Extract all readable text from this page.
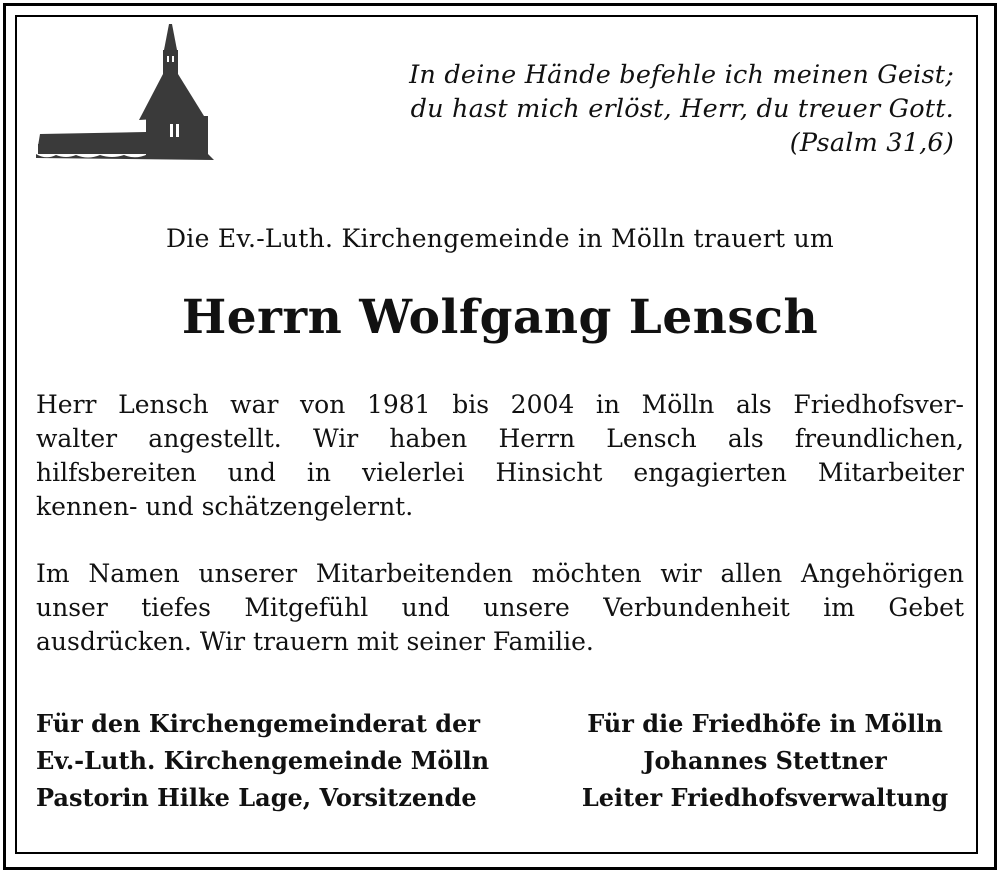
In deine Hände befehle ich meinen Geist;
du hast mich erlöst, Herr, du treuer Gott.
(Psalm 31,6)
Die Ev.-Luth. Kirchengemeinde in Mölln trauert um
Herrn Wolfgang Lensch
Herr Lensch war von 1981 bis 2004 in Mölln als Friedhofsver-
walter angestellt. Wir haben Herrn Lensch als freundlichen,
hilfsbereiten und in vielerlei Hinsicht engagierten Mitarbeiter
kennen- und schätzengelernt.
Im Namen unserer Mitarbeitenden möchten wir allen Angehörigen
unser tiefes Mitgefühl und unsere Verbundenheit im Gebet
ausdrücken. Wir trauern mit seiner Familie.
Für den Kirchengemeinderat der
Ev.-Luth. Kirchengemeinde Mölln
Pastorin Hilke Lage, Vorsitzende
Für die Friedhöfe in Mölln
Johannes Stettner
Leiter Friedhofsverwaltung
